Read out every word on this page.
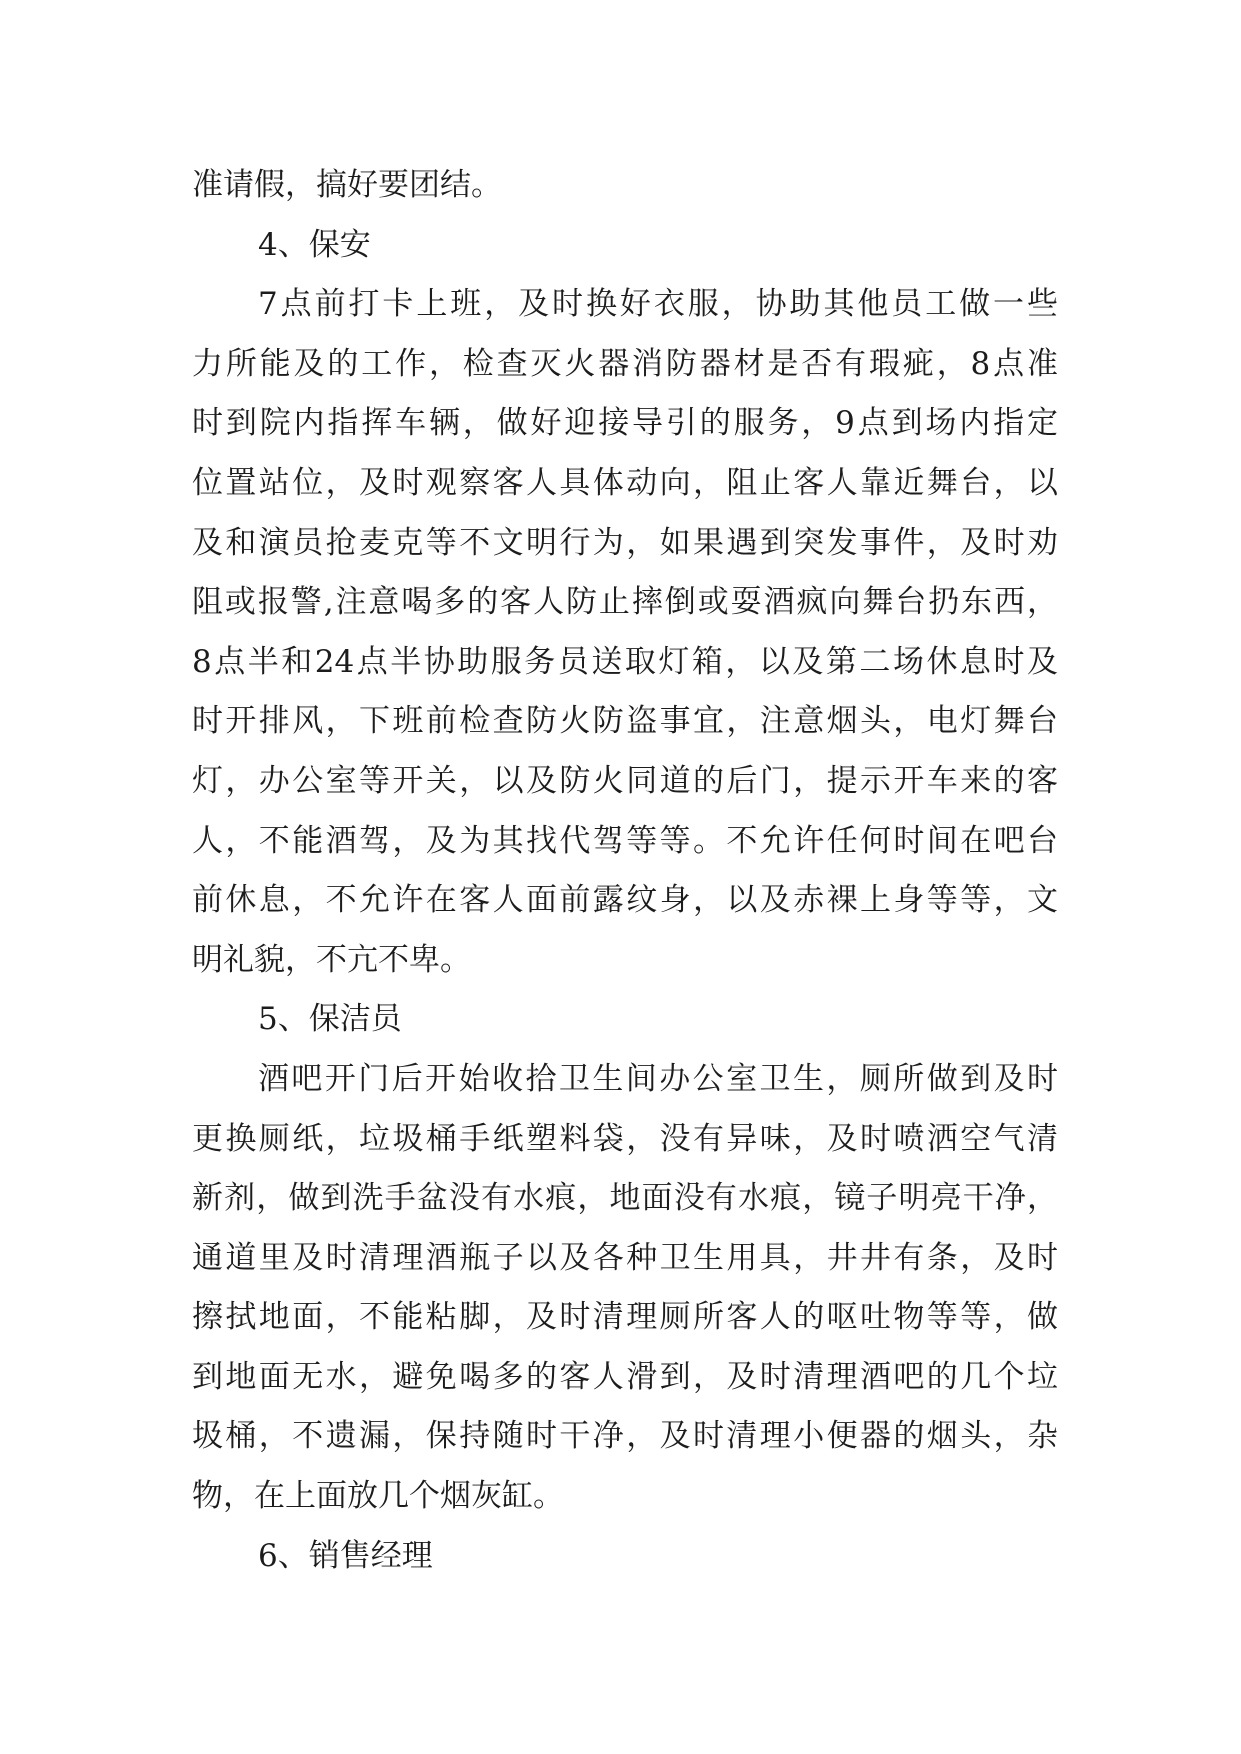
准请假，搞好要团结。
4、保安
7点前打卡上班，及时换好衣服，协助其他员工做一些
力所能及的工作，检查灭火器消防器材是否有瑕疵，8点准
时到院内指挥车辆，做好迎接导引的服务，9点到场内指定
位置站位，及时观察客人具体动向，阻止客人靠近舞台，以
及和演员抢麦克等不文明行为，如果遇到突发事件，及时劝
阻或报警,注意喝多的客人防止摔倒或耍酒疯向舞台扔东西，
8点半和24点半协助服务员送取灯箱，以及第二场休息时及
时开排风，下班前检查防火防盗事宜，注意烟头，电灯舞台
灯，办公室等开关，以及防火同道的后门，提示开车来的客
人，不能酒驾，及为其找代驾等等。不允许任何时间在吧台
前休息，不允许在客人面前露纹身，以及赤裸上身等等，文
明礼貌，不亢不卑。
5、保洁员
酒吧开门后开始收拾卫生间办公室卫生，厕所做到及时
更换厕纸，垃圾桶手纸塑料袋，没有异味，及时喷洒空气清
新剂，做到洗手盆没有水痕，地面没有水痕，镜子明亮干净，
通道里及时清理酒瓶子以及各种卫生用具，井井有条，及时
擦拭地面，不能粘脚，及时清理厕所客人的呕吐物等等，做
到地面无水，避免喝多的客人滑到，及时清理酒吧的几个垃
圾桶，不遗漏，保持随时干净，及时清理小便器的烟头，杂
物，在上面放几个烟灰缸。
6、销售经理
